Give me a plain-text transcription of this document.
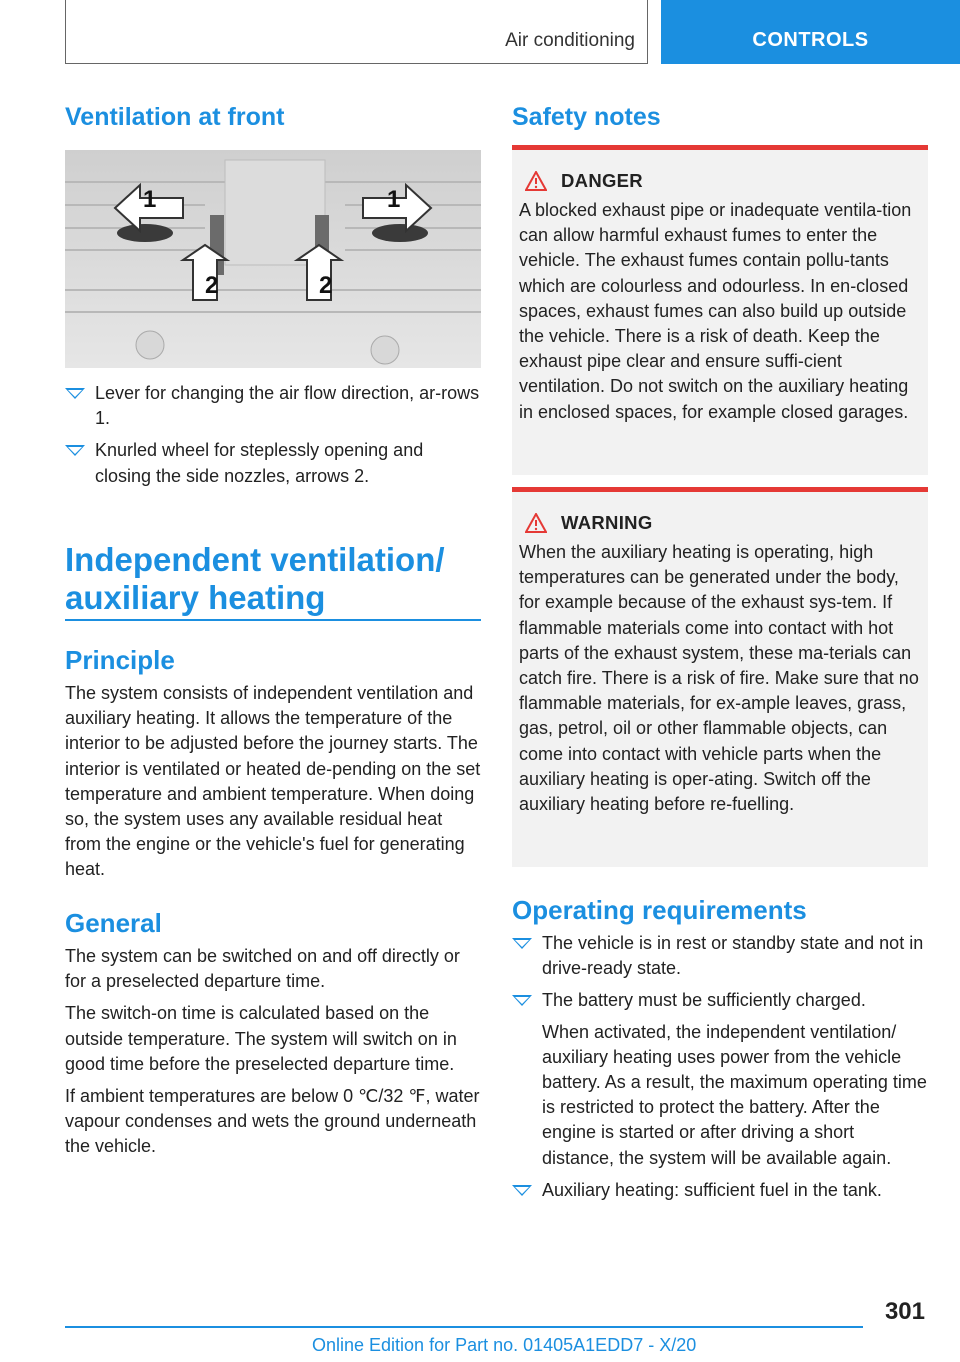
Air conditioning	CONTROLS
Ventilation at front
1	1
2	2
Lever for changing the air flow direction, ar‐rows 1.
Knurled wheel for steplessly opening and closing the side nozzles, arrows 2.
Independent ventilation/
auxiliary heating
Principle

The system consists of independent ventilation and auxiliary heating. It allows the temperature of the interior to be adjusted before the journey starts. The interior is ventilated or heated de‐pending on the set temperature and ambient temperature. When doing so, the system uses any available residual heat from the engine or the vehicle's fuel for generating heat.

General

The system can be switched on and off directly or for a preselected departure time.

The switch-on time is calculated based on the outside temperature. The system will switch on in good time before the preselected departure time.

If ambient temperatures are below 0 ℃/32 ℉, water vapour condenses and wets the ground underneath the vehicle.

Safety notes
DANGER
A blocked exhaust pipe or inadequate ventila‐tion can allow harmful exhaust fumes to enter the vehicle. The exhaust fumes contain pollu‐tants which are colourless and odourless. In en‐closed spaces, exhaust fumes can also build up outside the vehicle. There is a risk of death. Keep the exhaust pipe clear and ensure suffi‐cient ventilation. Do not switch on the auxiliary heating in enclosed spaces, for example closed garages.
WARNING
When the auxiliary heating is operating, high temperatures can be generated under the body, for example because of the exhaust sys‐tem. If flammable materials come into contact with hot parts of the exhaust system, these ma‐terials can catch fire. There is a risk of fire. Make sure that no flammable materials, for ex‐ample leaves, grass, gas, petrol, oil or other flammable objects, can come into contact with vehicle parts when the auxiliary heating is oper‐ating. Switch off the auxiliary heating before re‐fuelling.
Operating requirements
The vehicle is in rest or standby state and not in drive-ready state.
The battery must be sufficiently charged.
When activated, the independent ventilation/ auxiliary heating uses power from the vehicle battery. As a result, the maximum operating time is restricted to protect the battery. After the engine is started or after driving a short distance, the system will be available again.
Auxiliary heating: sufficient fuel in the tank.
301
Online Edition for Part no. 01405A1EDD7 - X/20
